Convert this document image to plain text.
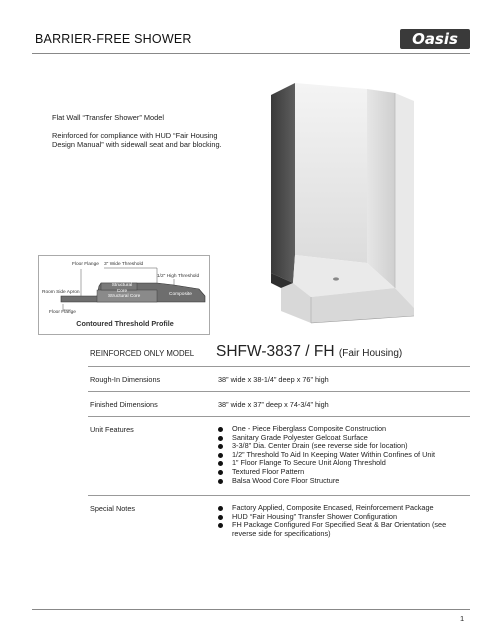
BARRIER-FREE SHOWER	Oasis

Flat Wall “Transfer Shower” Model

Reinforced for compliance with HUD “Fair Housing Design Manual” with sidewall seat and bar blocking.

Floor Flange 3" Wide Threshold
1/2" High Threshold
Structural Core
Structural Core	Composite
Room Side Apron
Floor Flange
Contoured Threshold Profile
REINFORCED ONLY MODEL SHFW-3837 / FH (Fair Housing)
Rough-In Dimensions	38” wide x 38-1/4” deep x 76” high
Finished Dimensions	38” wide x 37” deep x 74-3/4” high
Unit Features	One - Piece Fiberglass Composite Construction
Sanitary Grade Polyester Gelcoat Surface
3-3/8” Dia. Center Drain (see reverse side for location)
1/2” Threshold To Aid In Keeping Water Within Confines of Unit
1” Floor Flange To Secure Unit Along Threshold
Textured Floor Pattern
Balsa Wood Core Floor Structure
Special Notes	Factory Applied, Composite Encased, Reinforcement Package
HUD “Fair Housing” Transfer Shower Configuration
FH Package Configured For Specified Seat & Bar Orientation (see reverse side for specifications)
1
